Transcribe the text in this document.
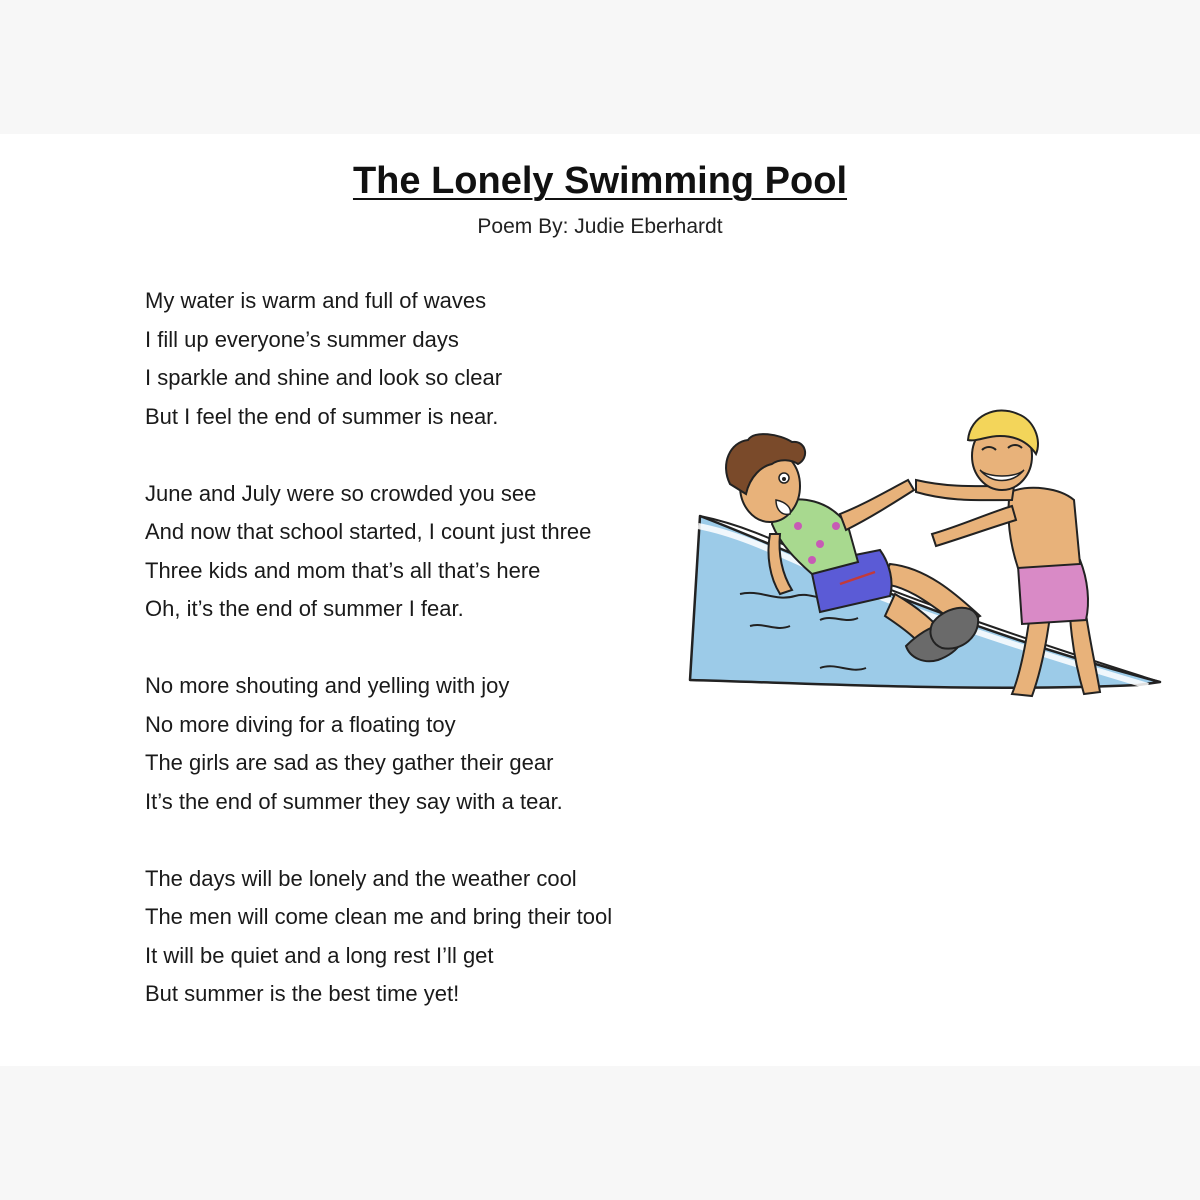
The Lonely Swimming Pool
Poem By: Judie Eberhardt
My water is warm and full of waves
I fill up everyone’s summer days
I sparkle and shine and look so clear
But I feel the end of summer is near.
June and July were so crowded you see
And now that school started, I count just three
Three kids and mom that’s all that’s here
Oh, it’s the end of summer I fear.
No more shouting and yelling with joy
No more diving for a floating toy
The girls are sad as they gather their gear
It’s the end of summer they say with a tear.
The days will be lonely and the weather cool
The men will come clean me and bring their tool
It will be quiet and a long rest I’ll get
But summer is the best time yet!
